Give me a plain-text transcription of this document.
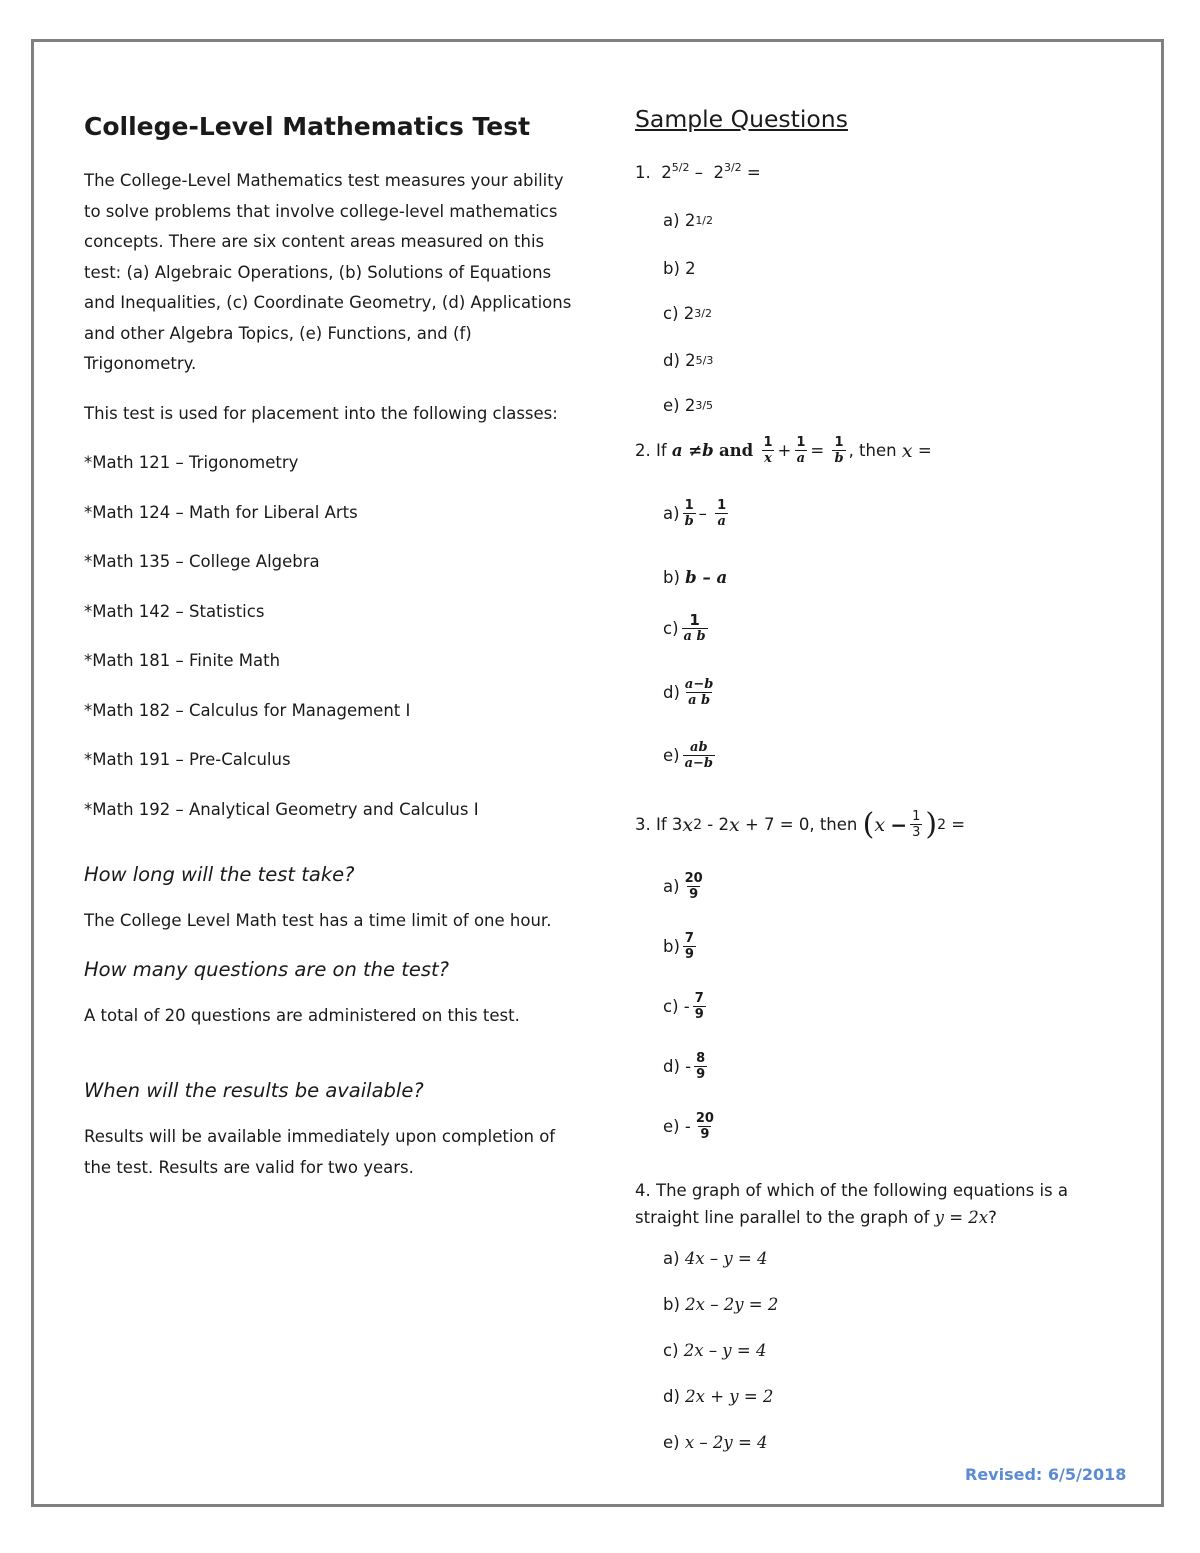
College-Level Mathematics Test
The College-Level Mathematics test measures your ability to solve problems that involve college-level mathematics concepts. There are six content areas measured on this test: (a) Algebraic Operations, (b) Solutions of Equations and Inequalities, (c) Coordinate Geometry, (d) Applications and other Algebra Topics, (e) Functions, and (f) Trigonometry.
This test is used for placement into the following classes:
*Math 121 – Trigonometry
*Math 124 – Math for Liberal Arts
*Math 135 – College Algebra
*Math 142 – Statistics
*Math 181 – Finite Math
*Math 182 – Calculus for Management I
*Math 191 – Pre-Calculus
*Math 192 – Analytical Geometry and Calculus I
How long will the test take?
The College Level Math test has a time limit of one hour.
How many questions are on the test?
A total of 20 questions are administered on this test.
When will the results be available?
Results will be available immediately upon completion of the test. Results are valid for two years.
Sample Questions
1. $2^{5/2} - 2^{3/2}$ =
a)
2 1/2
b)
2
c)
2 3/2
d)
2 5/3
e)
2 3/5
2. If
a ≠b
and
$\frac{1}{x} + \frac{1}{a}$ =
$\frac{1}{b}$ , then
x
=
$a) \frac{1}{b}$ –
$\frac{1}{a}$
b)
b – a
$c) \frac{1}{\text{a b}}$
$d) \frac{a-b}{\text{a b}}$
$e) \frac{ab}{a-b}$
3. If 3 x 2
- 2 x
+ 7 = 0, then
( x
− $\frac{1}{3}$ ) 2
=
$a) \frac{20}{9}$
$b) \frac{7}{9}$
c)
- $\frac{7}{9}$
d)
- $\frac{8}{9}$
e)
- $\frac{20}{9}$
4. The graph of which of the following equations is a
straight line parallel to the graph of y = 2x?
a)
4x – y = 4
b)
2x – 2y = 2
c)
2x – y = 4
d)
2x + y = 2
e)
x – 2y = 4
Revised: 6/5/2018
